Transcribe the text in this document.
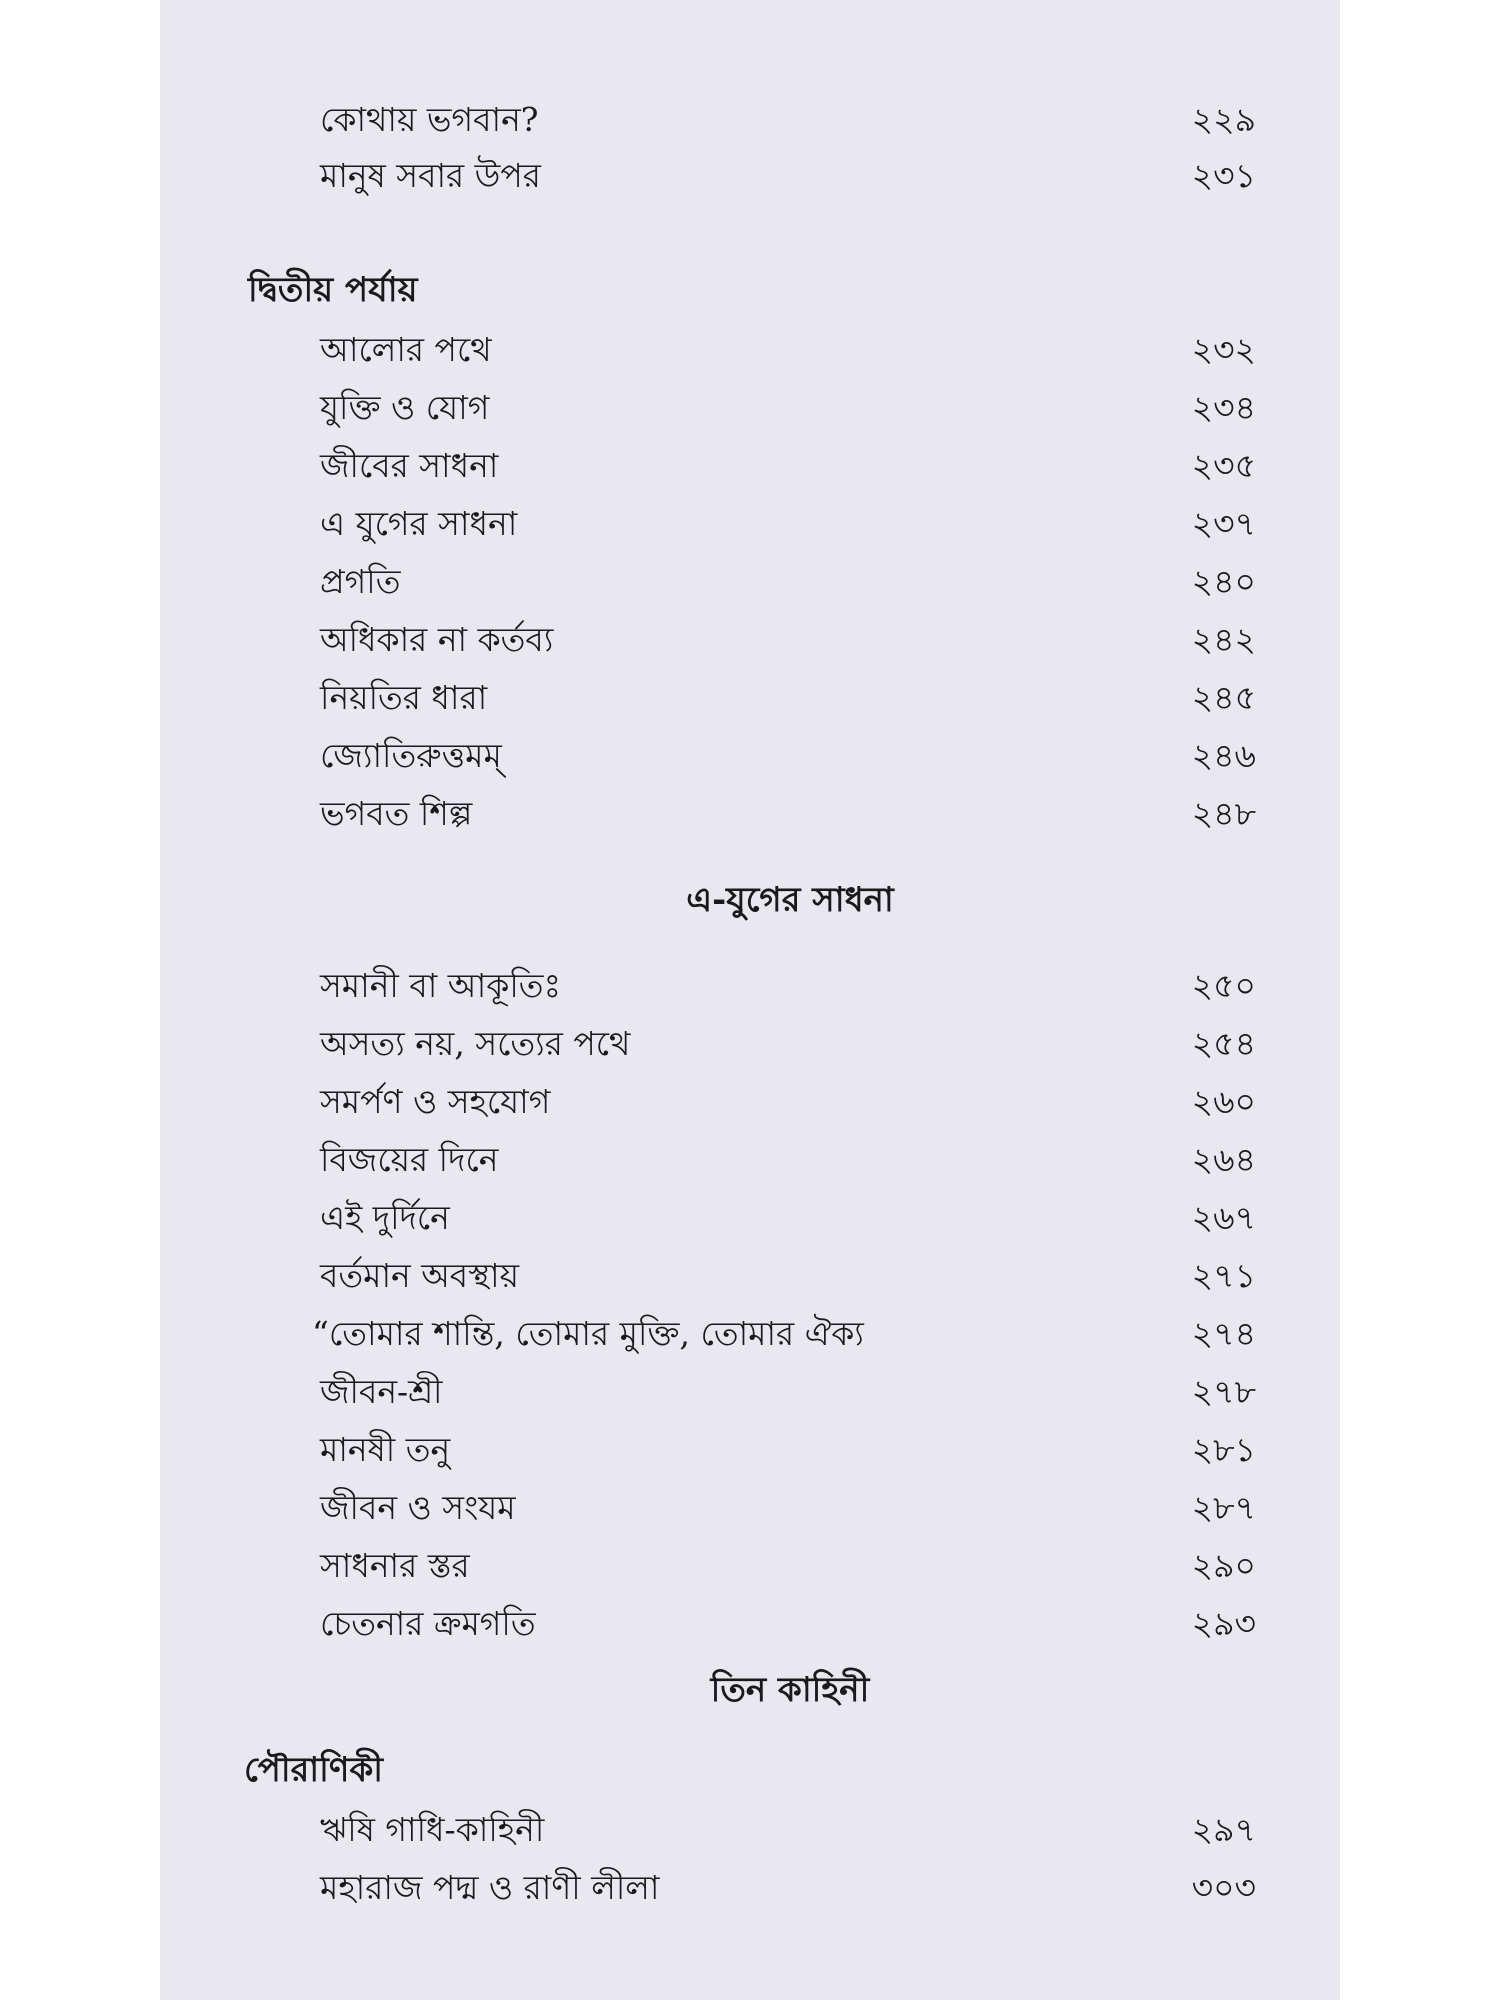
কোথায় ভগবান?	২২৯
মানুষ সবার উপর	২৩১
দ্বিতীয় পর্যায়
আলোর পথে	২৩২
যুক্তি ও যোগ	২৩৪
জীবের সাধনা	২৩৫
এ যুগের সাধনা	২৩৭
প্রগতি	২৪০
অধিকার না কর্তব্য	২৪২
নিয়তির ধারা	২৪৫
জ্যোতিরুত্তমম্	২৪৬
ভগবত শিল্প	২৪৮
এ-যুগের সাধনা
সমানী বা আকূতিঃ	২৫০
অসত্য নয়, সত্যের পথে	২৫৪
সমর্পণ ও সহযোগ	২৬০
বিজয়ের দিনে	২৬৪
এই দুর্দিনে	২৬৭
বর্তমান অবস্থায়	২৭১
“তোমার শান্তি, তোমার মুক্তি, তোমার ঐক্য	২৭৪
জীবন-শ্রী	২৭৮
মানষী তনু	২৮১
জীবন ও সংযম	২৮৭
সাধনার স্তর	২৯০
চেতনার ক্রমগতি	২৯৩
তিন কাহিনী
পৌরাণিকী
ঋষি গাধি-কাহিনী	২৯৭
মহারাজ পদ্ম ও রাণী লীলা	৩০৩
